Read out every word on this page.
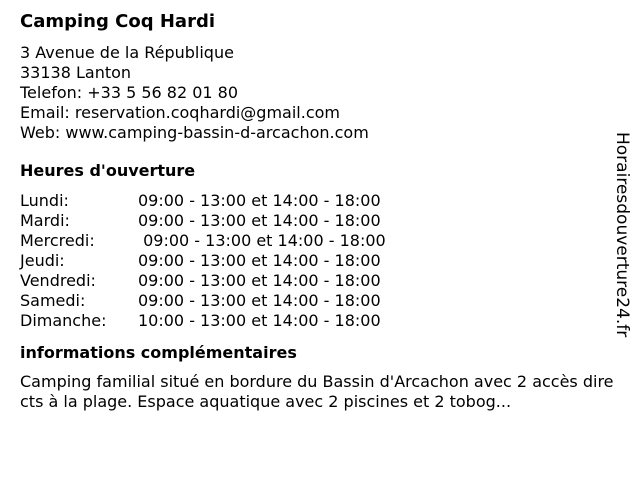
Camping Coq Hardi
3 Avenue de la République
33138 Lanton
Telefon: +33 5 56 82 01 80
Email: reservation.coqhardi@gmail.com
Web: www.camping-bassin-d-arcachon.com
Heures d'ouverture
Lundi:	09:00 - 13:00 et 14:00 - 18:00
Mardi:	09:00 - 13:00 et 14:00 - 18:00
Mercredi:	09:00 - 13:00 et 14:00 - 18:00
Jeudi:	09:00 - 13:00 et 14:00 - 18:00
Vendredi:	09:00 - 13:00 et 14:00 - 18:00
Samedi:	09:00 - 13:00 et 14:00 - 18:00
Dimanche:	10:00 - 13:00 et 14:00 - 18:00
informations complémentaires

Camping familial situé en bordure du Bassin d'Arcachon avec 2 accès directs à la plage. Espace aquatique avec 2 piscines et 2 tobog...

Horairesdouverture24.fr
